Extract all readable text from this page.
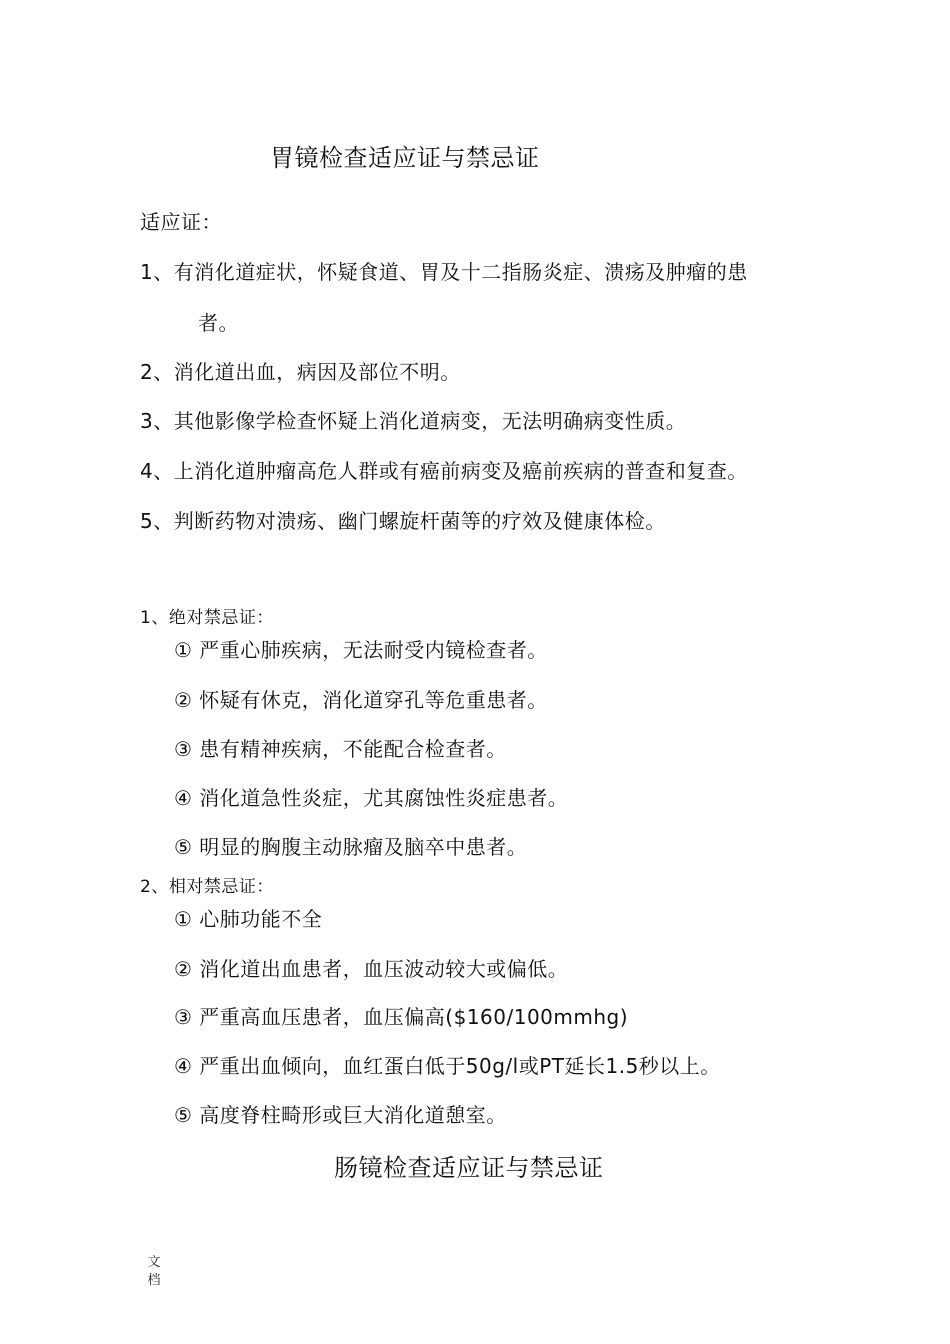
胃镜检查适应证与禁忌证
适应证：
1、有消化道症状，怀疑食道、胃及十二指肠炎症、溃疡及肿瘤的患
者。
2、消化道出血，病因及部位不明。
3、其他影像学检查怀疑上消化道病变，无法明确病变性质。
4、上消化道肿瘤高危人群或有癌前病变及癌前疾病的普查和复查。
5、判断药物对溃疡、幽门螺旋杆菌等的疗效及健康体检。
1、绝对禁忌证：
① 严重心肺疾病，无法耐受内镜检查者。
② 怀疑有休克，消化道穿孔等危重患者。
③ 患有精神疾病，不能配合检查者。
④ 消化道急性炎症，尤其腐蚀性炎症患者。
⑤ 明显的胸腹主动脉瘤及脑卒中患者。
2、相对禁忌证：
① 心肺功能不全
② 消化道出血患者，血压波动较大或偏低。
③ 严重高血压患者，血压偏高($160/100mmhg)
④ 严重出血倾向，血红蛋白低于50g/l或PT延长1.5秒以上。
⑤ 高度脊柱畸形或巨大消化道憩室。
肠镜检查适应证与禁忌证
文档
